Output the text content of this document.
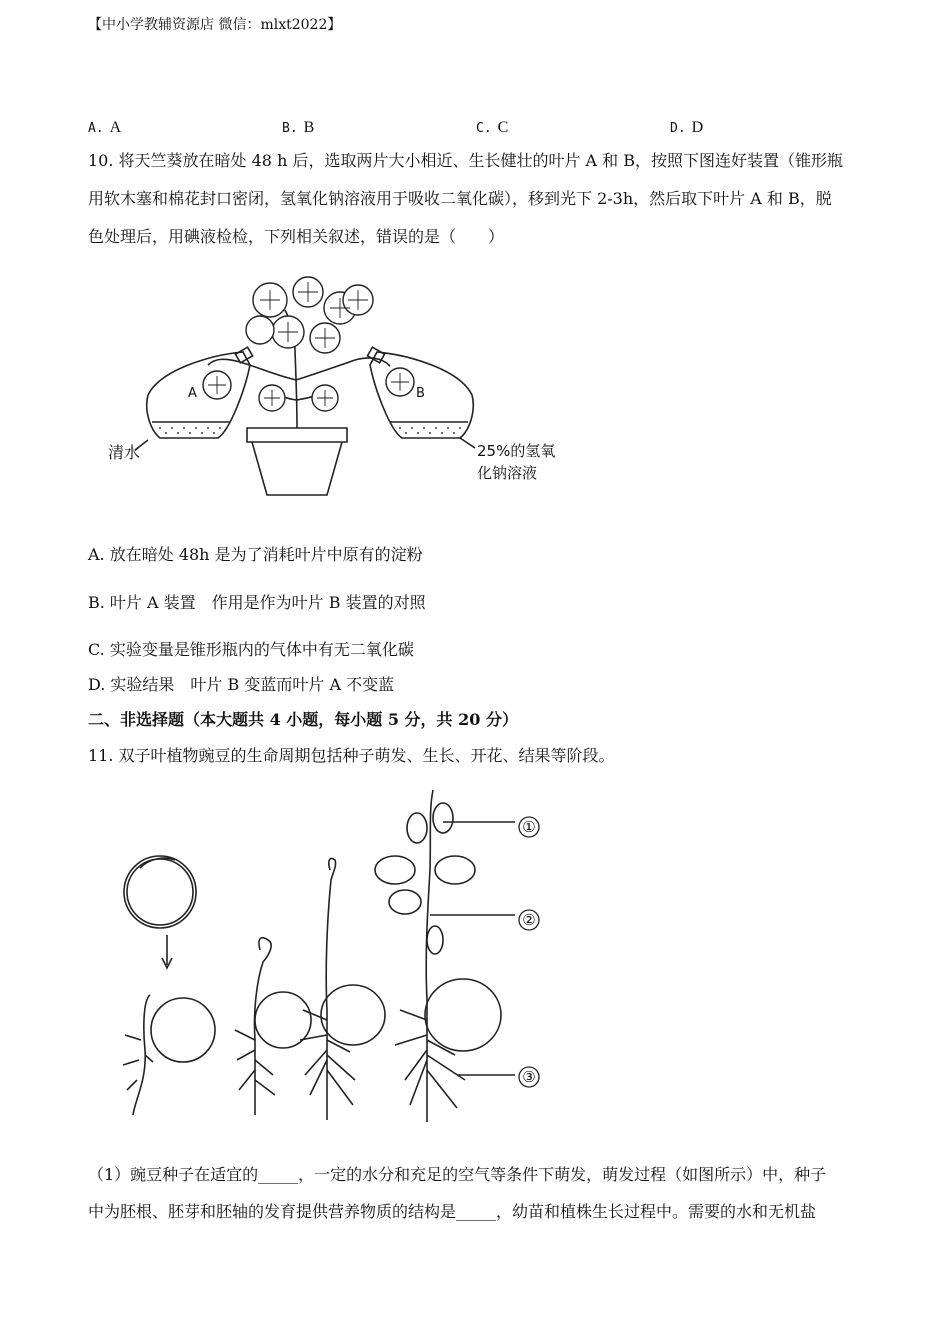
【中小学教辅资源店 微信：mlxt2022】
A. A	B. B	C. C	D. D
10. 将天竺葵放在暗处 48 h 后，选取两片大小相近、生长健壮的叶片 A 和 B，按照下图连好装置（锥形瓶
用软木塞和棉花封口密闭，氢氧化钠溶液用于吸收二氧化碳），移到光下 2-3h，然后取下叶片 A 和 B，脱
色处理后，用碘液检检，下列相关叙述，错误的是（　　）
A	B
清水	25%的氢氧
化钠溶液
A. 放在暗处 48h 是为了消耗叶片中原有的淀粉
B. 叶片 A 装置　作用是作为叶片 B 装置的对照
C. 实验变量是锥形瓶内的气体中有无二氧化碳
D. 实验结果　叶片 B 变蓝而叶片 A 不变蓝
二、非选择题（本大题共 4 小题，每小题 5 分，共 20 分）
11. 双子叶植物豌豆的生命周期包括种子萌发、生长、开花、结果等阶段。
①
②
③
（1）豌豆种子在适宜的_____，一定的水分和充足的空气等条件下萌发，萌发过程（如图所示）中，种子
中为胚根、胚芽和胚轴的发育提供营养物质的结构是_____，幼苗和植株生长过程中。需要的水和无机盐
